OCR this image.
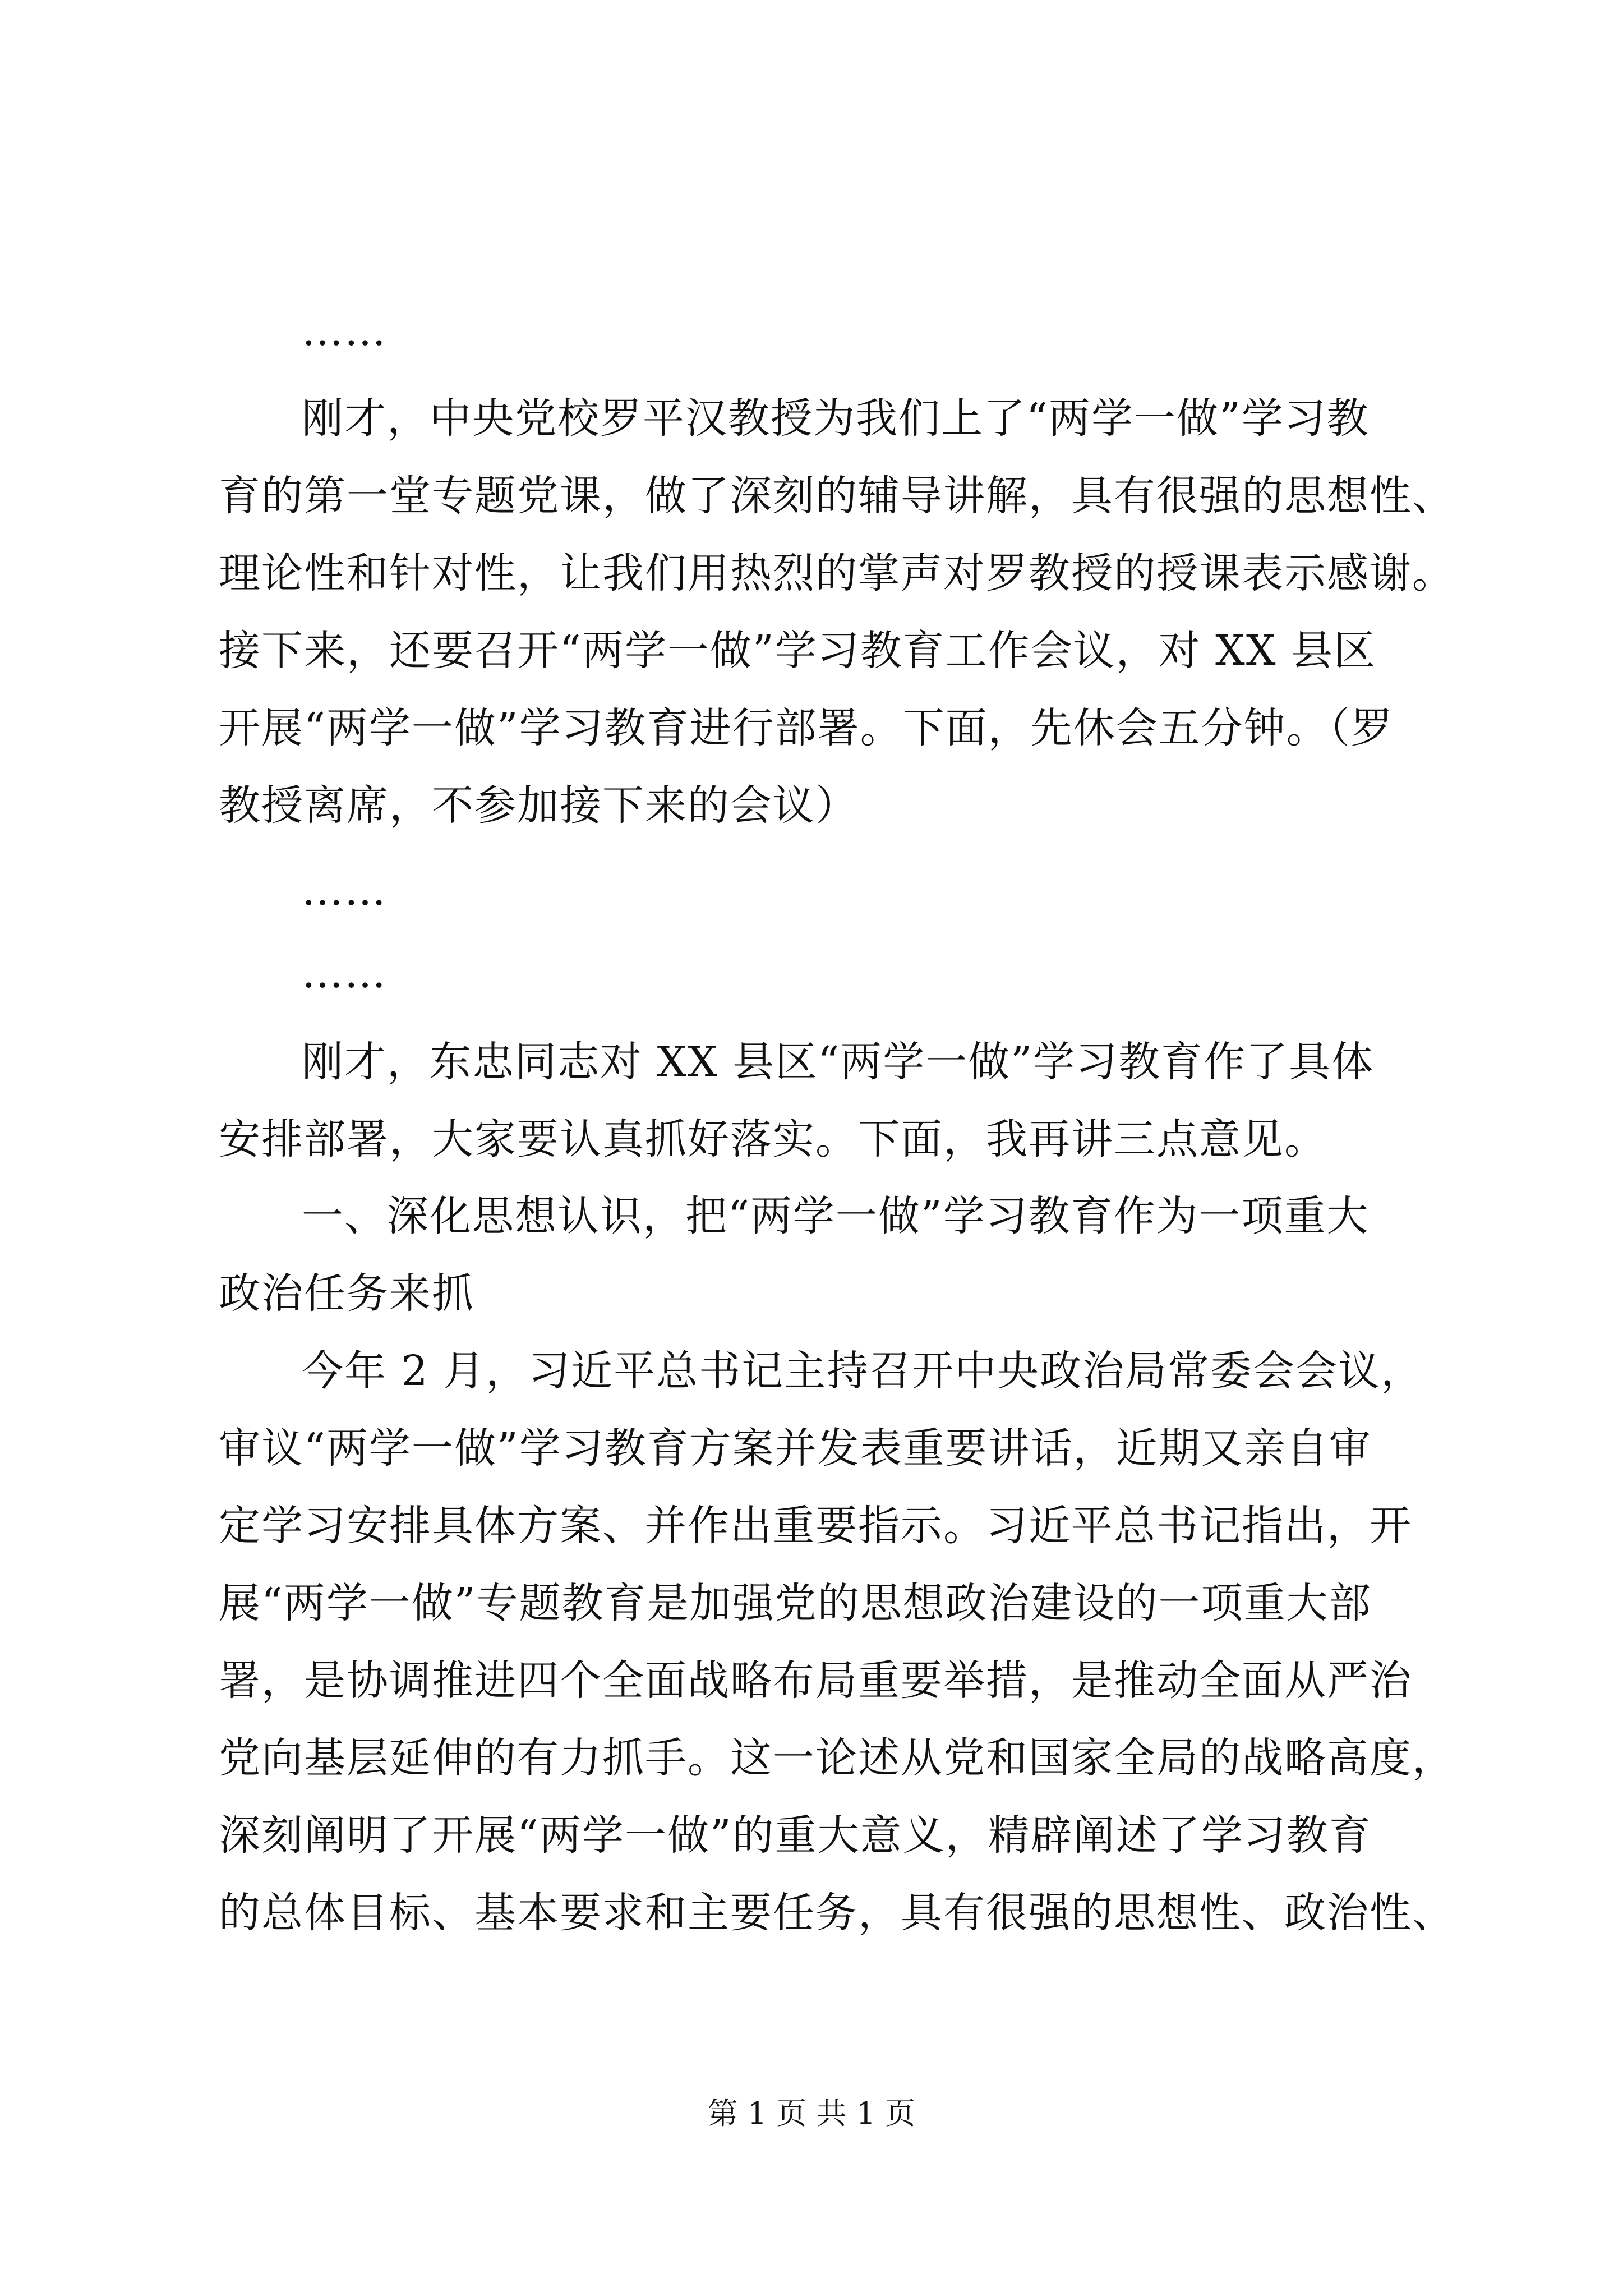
……
刚才，中央党校罗平汉教授为我们上了“两学一做”学习教
育的第一堂专题党课，做了深刻的辅导讲解，具有很强的思想性、
理论性和针对性，让我们用热烈的掌声对罗教授的授课表示感谢。
接下来，还要召开“两学一做”学习教育工作会议，对 XX 县区
开展“两学一做”学习教育进行部署。下面，先休会五分钟。（罗
教授离席，不参加接下来的会议）
……
……
刚才，东忠同志对 XX 县区“两学一做”学习教育作了具体
安排部署，大家要认真抓好落实。下面，我再讲三点意见。
一、深化思想认识，把“两学一做”学习教育作为一项重大
政治任务来抓
今年 2 月，习近平总书记主持召开中央政治局常委会会议，
审议“两学一做”学习教育方案并发表重要讲话，近期又亲自审
定学习安排具体方案、并作出重要指示。习近平总书记指出，开
展“两学一做”专题教育是加强党的思想政治建设的一项重大部
署，是协调推进四个全面战略布局重要举措，是推动全面从严治
党向基层延伸的有力抓手。这一论述从党和国家全局的战略高度，
深刻阐明了开展“两学一做”的重大意义，精辟阐述了学习教育
的总体目标、基本要求和主要任务，具有很强的思想性、政治性、
第 1 页 共 1 页
